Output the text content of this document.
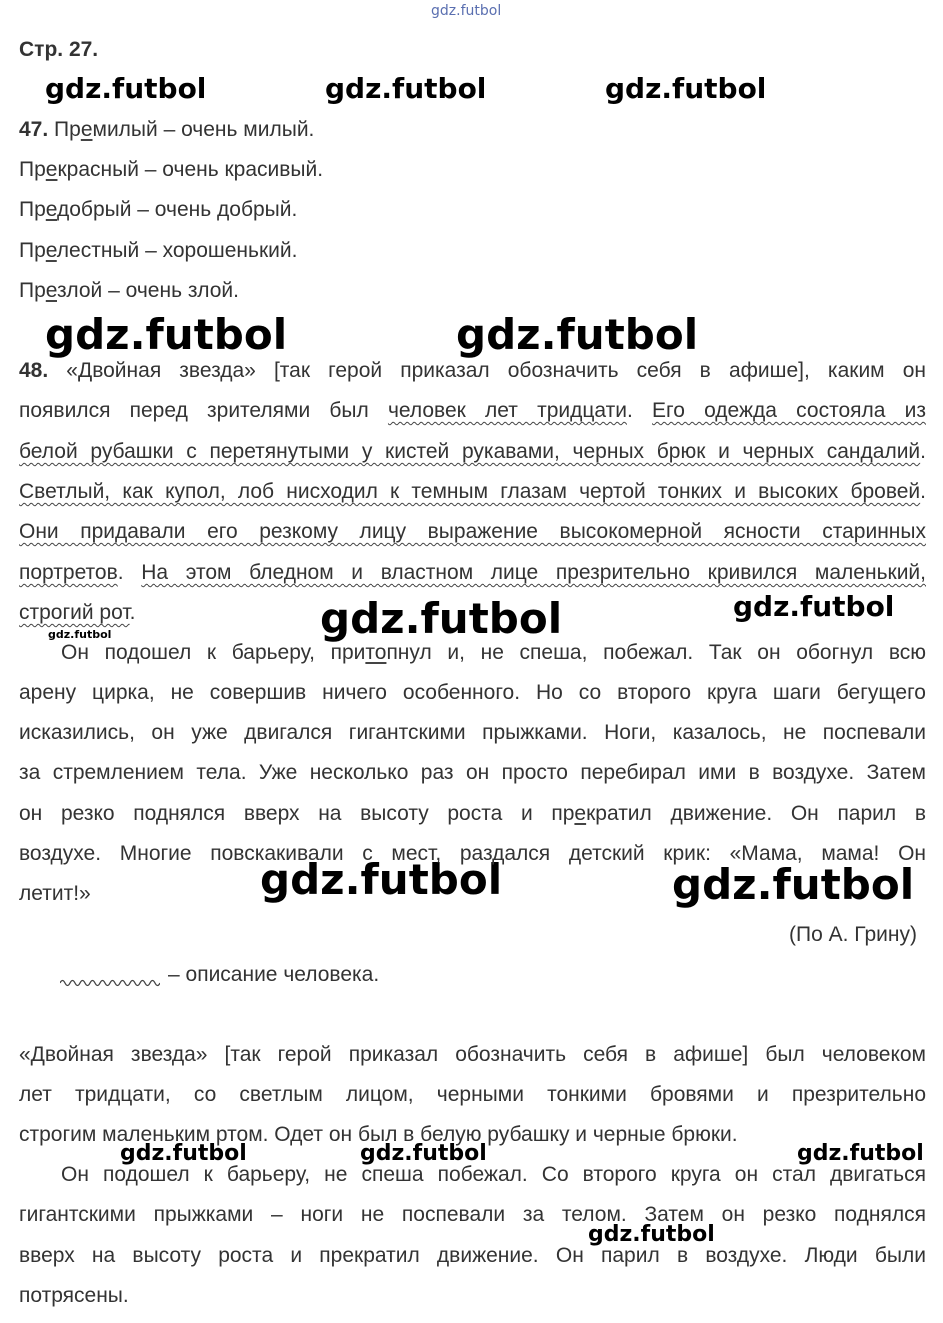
gdz.futbol
gdz.futbol	gdz.futbol	gdz.futbol
gdz.futbol	gdz.futbol
gdz.futbol	gdz.futbol
gdz.futbol
gdz.futbol	gdz.futbol
gdz.futbol	gdz.futbol	gdz.futbol
gdz.futbol
Стр. 27.
47. Премилый – очень милый.
Прекрасный – очень красивый.
Предобрый – очень добрый.
Прелестный – хорошенький.
Презлой – очень злой.
48. «Двойная звезда» [так герой приказал обозначить себя в афише], каким он
появился перед зрителями был человек лет тридцати. Его одежда состояла из
белой рубашки с перетянутыми у кистей рукавами, черных брюк и черных сандалий.
Светлый, как купол, лоб нисходил к темным глазам чертой тонких и высоких бровей.
Они придавали его резкому лицу выражение высокомерной ясности старинных
портретов. На этом бледном и властном лице презрительно кривился маленький,
строгий рот.
Он подошел к барьеру, притопнул и, не спеша, побежал. Так он обогнул всю
арену цирка, не совершив ничего особенного. Но со второго круга шаги бегущего
исказились, он уже двигался гигантскими прыжками. Ноги, казалось, не поспевали
за стремлением тела. Уже несколько раз он просто перебирал ими в воздухе. Затем
он резко поднялся вверх на высоту роста и прекратил движение. Он парил в
воздухе. Многие повскакивали с мест, раздался детский крик: «Мама, мама! Он
летит!»
(По А. Грину)
– описание человека.
«Двойная звезда» [так герой приказал обозначить себя в афише] был человеком
лет тридцати, со светлым лицом, черными тонкими бровями и презрительно
строгим маленьким ртом. Одет он был в белую рубашку и черные брюки.
Он подошел к барьеру, не спеша побежал. Со второго круга он стал двигаться
гигантскими прыжками – ноги не поспевали за телом. Затем он резко поднялся
вверх на высоту роста и прекратил движение. Он парил в воздухе. Люди были
потрясены.
